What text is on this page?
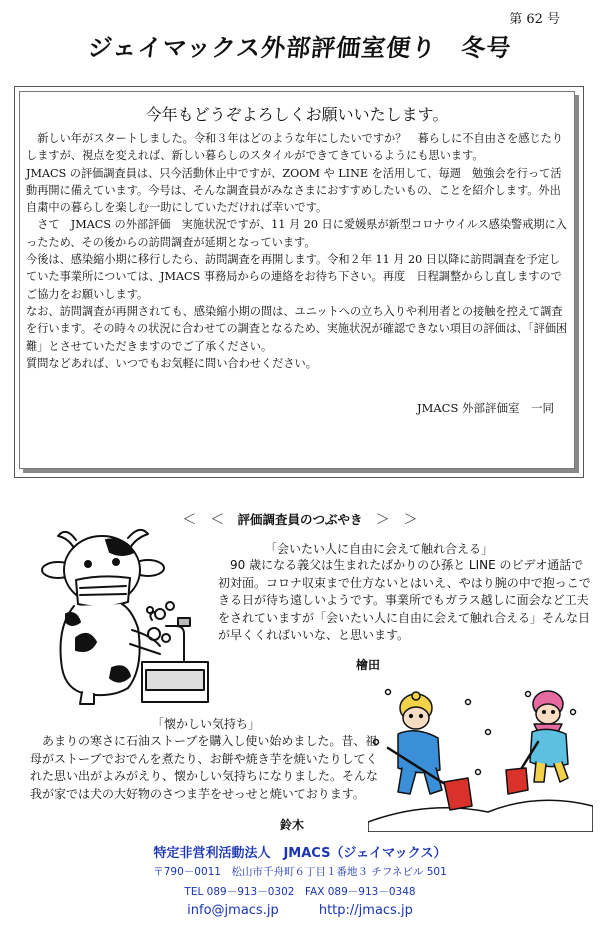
第 62 号
ジェイマックス外部評価室便り　冬号
今年もどうぞよろしくお願いいたします。

　新しい年がスタートしました。令和３年はどのような年にしたいですか？　暮らしに不自由さを感じたりしますが、視点を変えれば、新しい暮らしのスタイルができてきているようにも思います。

JMACS の評価調査員は、只今活動休止中ですが、ZOOM や LINE を活用して、毎週　勉強会を行って活動再開に備えています。今号は、そんな調査員がみなさまにおすすめしたいもの、ことを紹介します。外出自粛中の暮らしを楽しむ一助にしていただければ幸いです。

　さて　JMACS の外部評価　実施状況ですが、11 月 20 日に愛媛県が新型コロナウイルス感染警戒期に入ったため、その後からの訪問調査が延期となっています。

今後は、感染縮小期に移行したら、訪問調査を再開します。令和２年 11 月 20 日以降に訪問調査を予定していた事業所については、JMACS 事務局からの連絡をお待ち下さい。再度　日程調整からし直しますのでご協力をお願いします。

なお、訪問調査が再開されても、感染縮小期の間は、ユニットへの立ち入りや利用者との接触を控えて調査を行います。その時々の状況に合わせての調査となるため、実施状況が確認できない項目の評価は、「評価困難」とさせていただきますのでご了承ください。

質問などあれば、いつでもお気軽に問い合わせください。

JMACS 外部評価室　一同
＜　＜ 評価調査員のつぶやき ＞　＞
「会いたい人に自由に会えて触れ合える」
　90 歳になる義父は生まれたばかりのひ孫と LINE のビデオ通話で初対面。コロナ収束まで仕方ないとはいえ、やはり腕の中で抱っこできる日が待ち遠しいようです。事業所でもガラス越しに面会など工夫をされていますが「会いたい人に自由に会えて触れ合える」そんな日が早くくればいいな、と思います。
檜田
「懐かしい気持ち」
　あまりの寒さに石油ストーブを購入し使い始めました。昔、祖母がストーブでおでんを煮たり、お餅や焼き芋を焼いたりしてくれた思い出がよみがえり、懐かしい気持ちになりました。そんな我が家では犬の大好物のさつま芋をせっせと焼いております。
鈴木
特定非営利活動法人　JMACS（ジェイマックス）
〒790－0011　松山市千舟町６丁目１番地３ チフネビル 501
TEL 089－913－0302　FAX 089－913－0348
info@jmacs.jp	http://jmacs.jp
